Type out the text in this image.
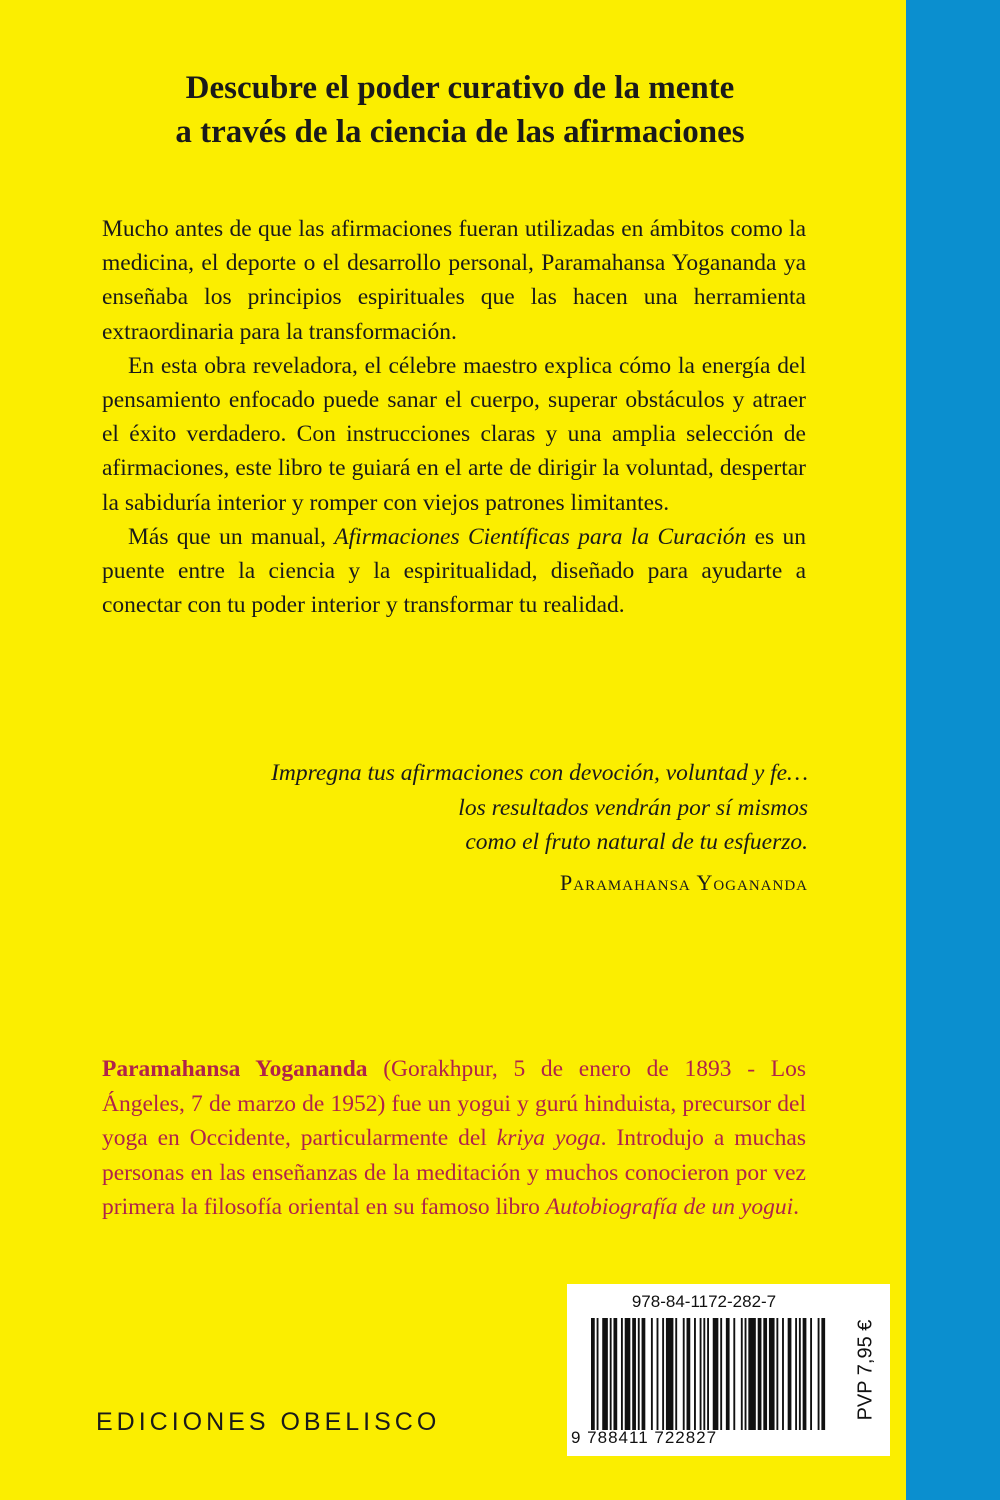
Descubre el poder curativo de la mente
a través de la ciencia de las afirmaciones

Mucho antes de que las afirmaciones fueran utilizadas en ámbitos como la medicina, el deporte o el desarrollo personal, Paramahansa Yogananda ya enseñaba los principios espirituales que las hacen una herramienta extraordinaria para la transformación.

En esta obra reveladora, el célebre maestro explica cómo la energía del pensamiento enfocado puede sanar el cuerpo, superar obstáculos y atraer el éxito verdadero. Con instrucciones claras y una amplia selección de afirmaciones, este libro te guiará en el arte de dirigir la voluntad, despertar la sabiduría interior y romper con viejos patrones limitantes.

Más que un manual, Afirmaciones Científicas para la Curación es un puente entre la ciencia y la espiritualidad, diseñado para ayudarte a conectar con tu poder interior y transformar tu realidad.

Impregna tus afirmaciones con devoción, voluntad y fe…
los resultados vendrán por sí mismos
como el fruto natural de tu esfuerzo.
Paramahansa Yogananda
Paramahansa Yogananda (Gorakhpur, 5 de enero de 1893 - Los Ángeles, 7 de marzo de 1952) fue un yogui y gurú hinduista, precursor del yoga en Occidente, particularmente del kriya yoga. Introdujo a muchas personas en las enseñanzas de la meditación y muchos conocieron por vez primera la filosofía oriental en su famoso libro Autobiografía de un yogui.
EDICIONES OBELISCO
978-84-1172-282-7
9 788411 722827
PVP 7,95 €
